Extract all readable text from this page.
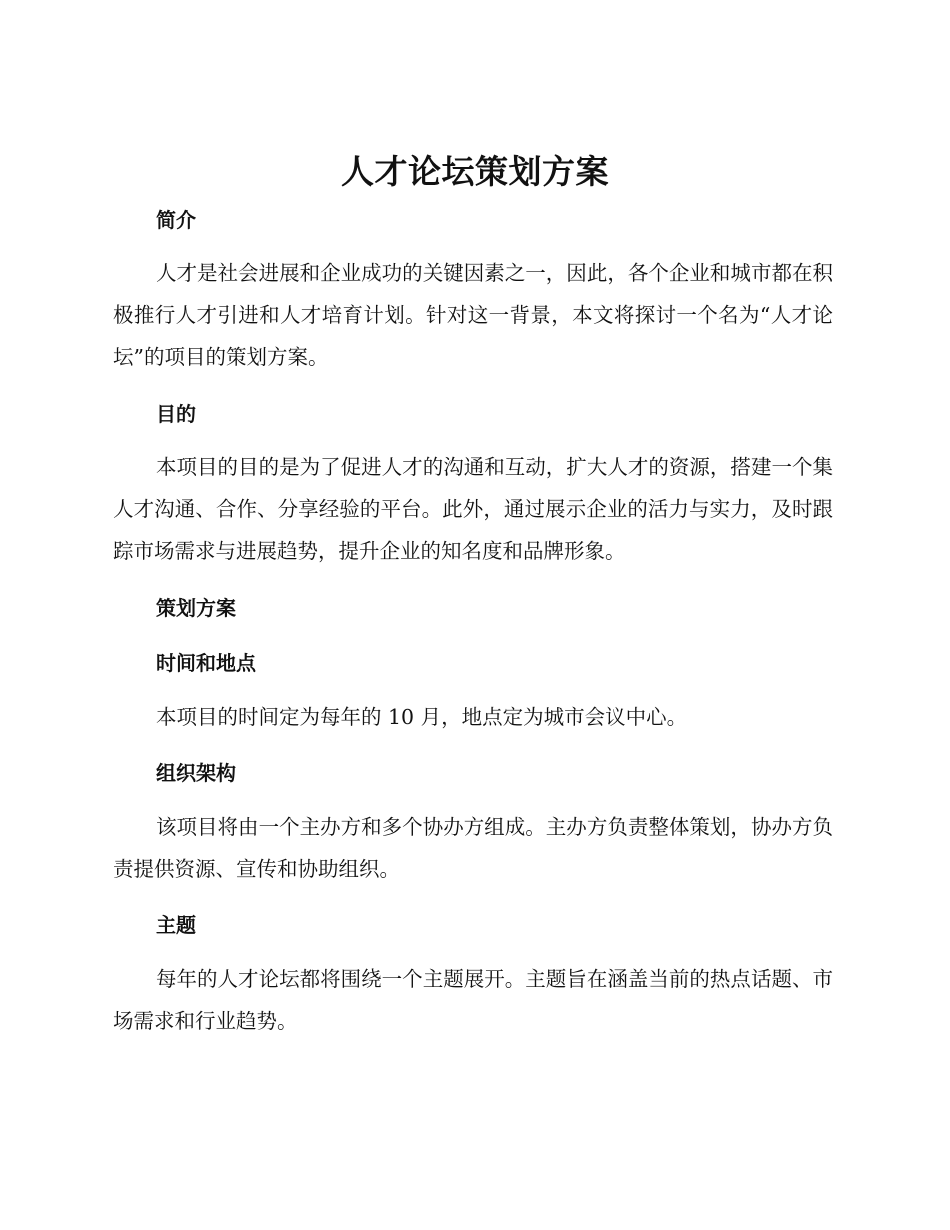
人才论坛策划方案
简介

人才是社会进展和企业成功的关键因素之一，因此，各个企业和城市都在积极推行人才引进和人才培育计划。针对这一背景，本文将探讨一个名为“人才论坛”的项目的策划方案。

目的

本项目的目的是为了促进人才的沟通和互动，扩大人才的资源，搭建一个集人才沟通、合作、分享经验的平台。此外，通过展示企业的活力与实力，及时跟踪市场需求与进展趋势，提升企业的知名度和品牌形象。

策划方案
时间和地点

本项目的时间定为每年的 10 月，地点定为城市会议中心。

组织架构

该项目将由一个主办方和多个协办方组成。主办方负责整体策划，协办方负责提供资源、宣传和协助组织。

主题

每年的人才论坛都将围绕一个主题展开。主题旨在涵盖当前的热点话题、市场需求和行业趋势。
